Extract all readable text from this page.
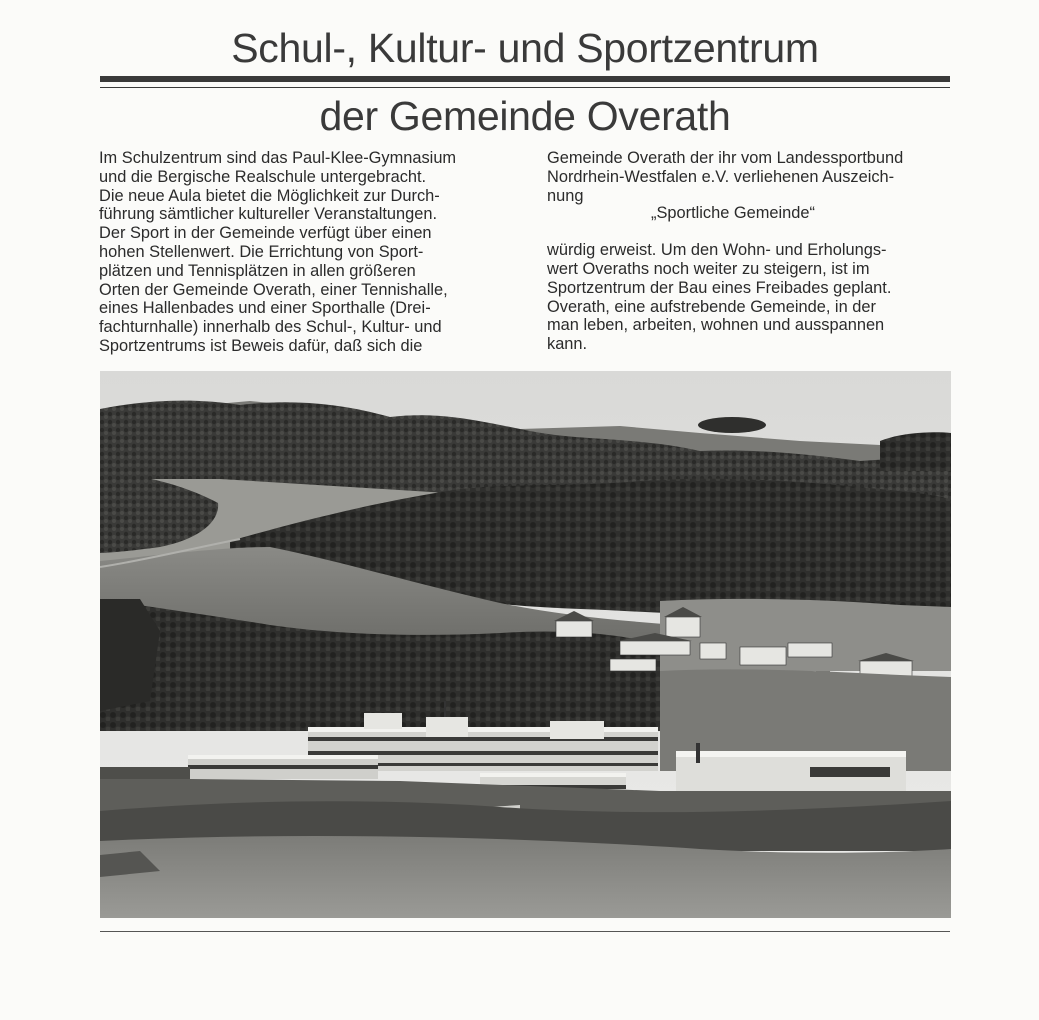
Schul-, Kultur- und Sportzentrum
der Gemeinde Overath
Im Schulzentrum sind das Paul-Klee-Gymnasium
und die Bergische Realschule untergebracht.
Die neue Aula bietet die Möglichkeit zur Durch-
führung sämtlicher kultureller Veranstaltungen.
Der Sport in der Gemeinde verfügt über einen
hohen Stellenwert. Die Errichtung von Sport-
plätzen und Tennisplätzen in allen größeren
Orten der Gemeinde Overath, einer Tennishalle,
eines Hallenbades und einer Sporthalle (Drei-
fachturnhalle) innerhalb des Schul-, Kultur- und
Sportzentrums ist Beweis dafür, daß sich die
Gemeinde Overath der ihr vom Landessportbund
Nordrhein-Westfalen e.V. verliehenen Auszeich-
nung
„Sportliche Gemeinde“
würdig erweist. Um den Wohn- und Erholungs-
wert Overaths noch weiter zu steigern, ist im
Sportzentrum der Bau eines Freibades geplant.
Overath, eine aufstrebende Gemeinde, in der
man leben, arbeiten, wohnen und ausspannen
kann.
